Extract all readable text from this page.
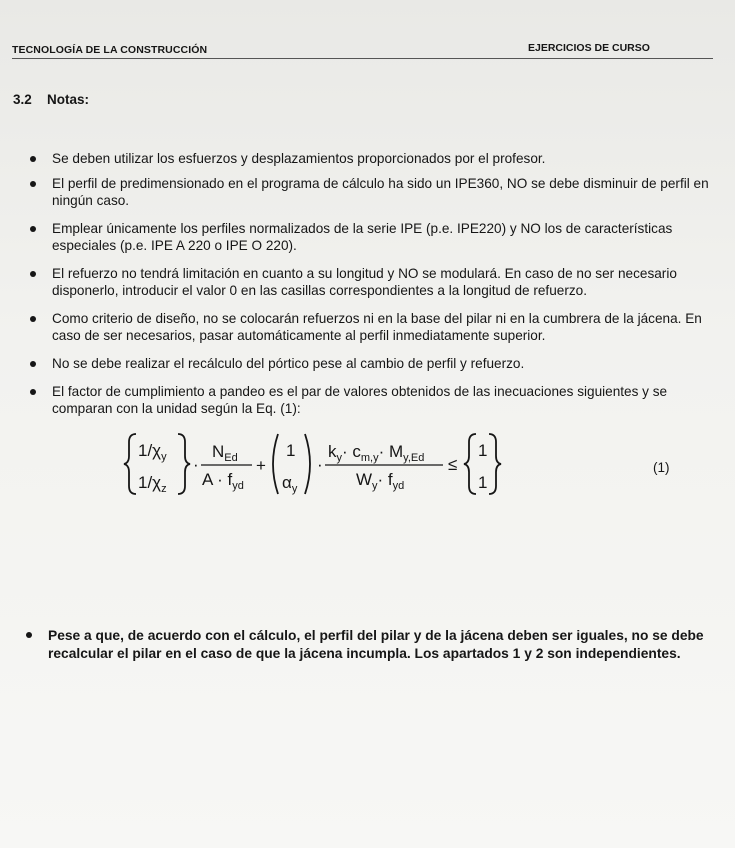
TECNOLOGÍA DE LA CONSTRUCCIÓN	EJERCICIOS DE CURSO
3.2 Notas:
Se deben utilizar los esfuerzos y desplazamientos proporcionados por el profesor.
El perfil de predimensionado en el programa de cálculo ha sido un IPE360, NO se debe disminuir de perfil en ningún caso.
Emplear únicamente los perfiles normalizados de la serie IPE (p.e. IPE220) y NO los de características especiales (p.e. IPE A 220 o IPE O 220).
El refuerzo no tendrá limitación en cuanto a su longitud y NO se modulará. En caso de no ser necesario disponerlo, introducir el valor 0 en las casillas correspondientes a la longitud de refuerzo.
Como criterio de diseño, no se colocarán refuerzos ni en la base del pilar ni en la cumbrera de la jácena. En caso de ser necesarios, pasar automáticamente al perfil inmediatamente superior.
No se debe realizar el recálculo del pórtico pese al cambio de perfil y refuerzo.
El factor de cumplimiento a pandeo es el par de valores obtenidos de las inecuaciones siguientes y se comparan con la unidad según la Eq. (1):
Pese a que, de acuerdo con el cálculo, el perfil del pilar y de la jácena deben ser iguales, no se debe recalcular el pilar en el caso de que la jácena incumpla. Los apartados 1 y 2 son independientes.
$1/\chi_y$
$1/\chi_z$
·
$N_{Ed}$
$A \cdot f_{yd}$
+
1
$\alpha_y$
·
$k_y\cdot c_{m,y}\cdot M_{y,Ed}$
$W_y\cdot f_{yd}$
≤
1
1
(1)
